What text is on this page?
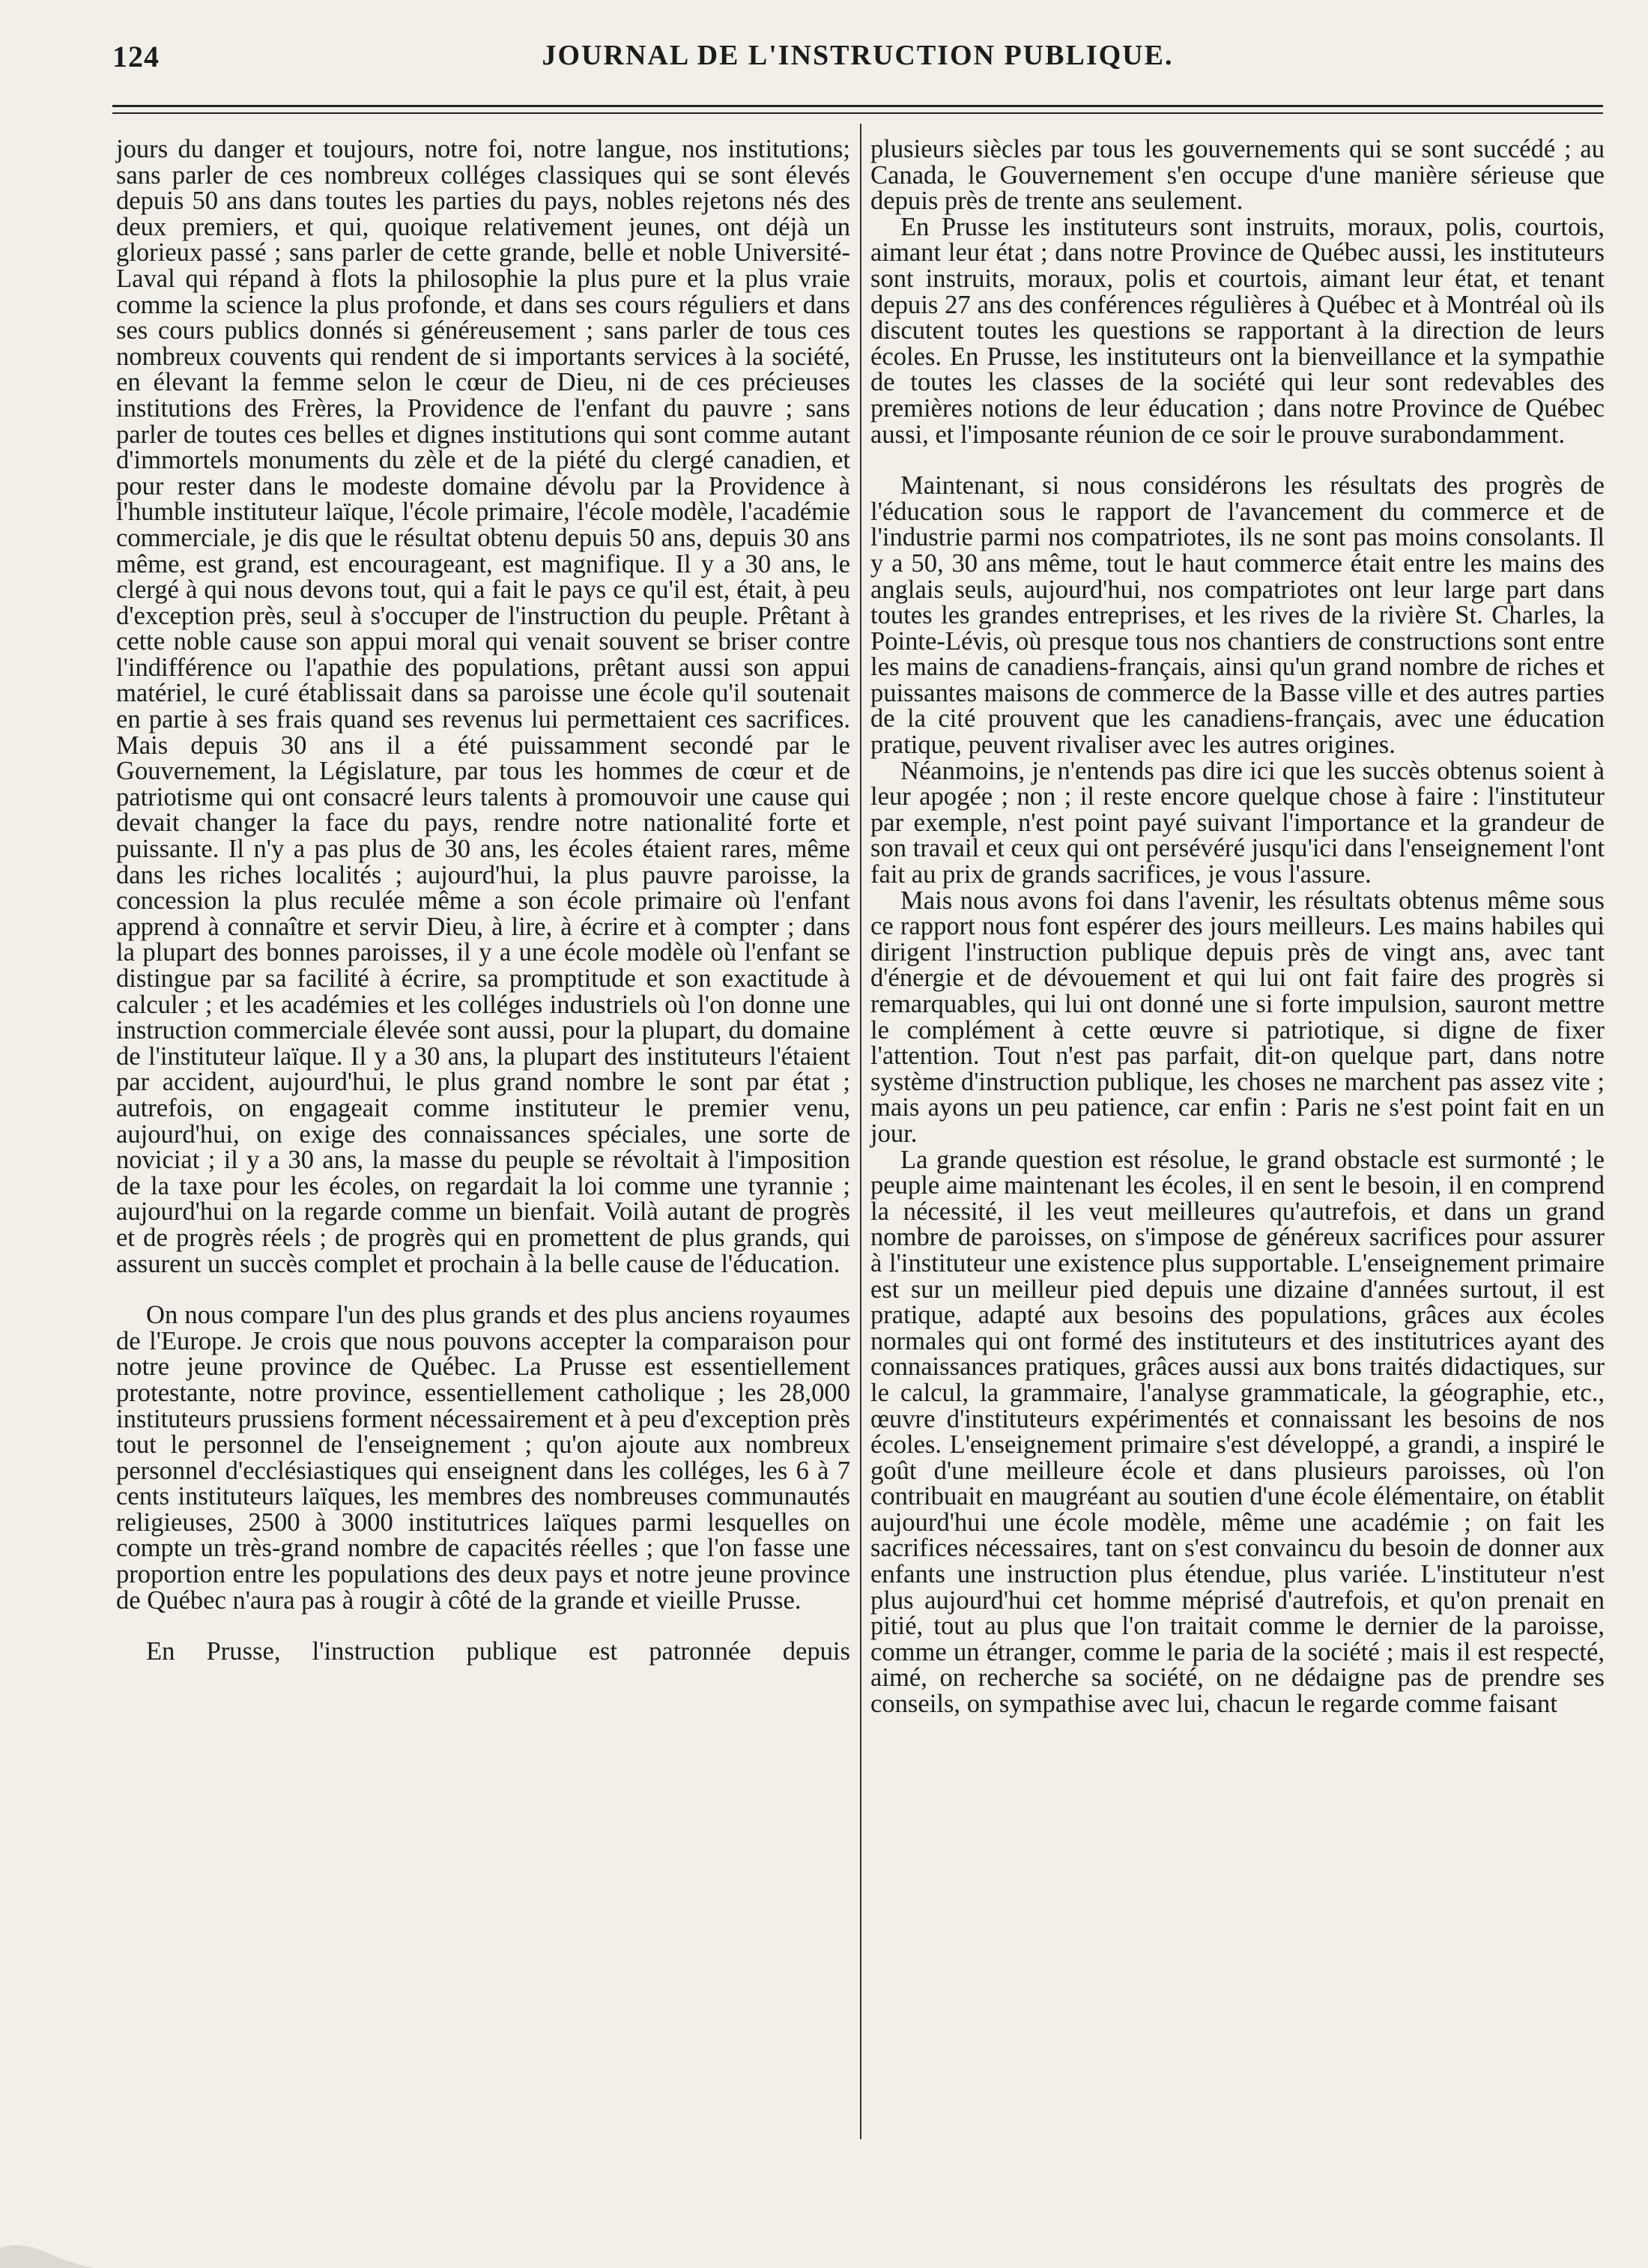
124	JOURNAL DE L'INSTRUCTION PUBLIQUE.

jours du danger et toujours, notre foi, notre langue, nos institutions; sans parler de ces nombreux colléges classiques qui se sont élevés depuis 50 ans dans toutes les parties du pays, nobles rejetons nés des deux premiers, et qui, quoique relativement jeunes, ont déjà un glorieux passé ; sans parler de cette grande, belle et noble Université-Laval qui répand à flots la philosophie la plus pure et la plus vraie comme la science la plus profonde, et dans ses cours réguliers et dans ses cours publics donnés si généreusement ; sans parler de tous ces nombreux couvents qui rendent de si importants services à la société, en élevant la femme selon le cœur de Dieu, ni de ces précieuses institutions des Frères, la Providence de l'enfant du pauvre ; sans parler de toutes ces belles et dignes institutions qui sont comme autant d'immortels monuments du zèle et de la piété du clergé canadien, et pour rester dans le modeste domaine dévolu par la Providence à l'humble instituteur laïque, l'école primaire, l'école modèle, l'académie commerciale, je dis que le résultat obtenu depuis 50 ans, depuis 30 ans même, est grand, est encourageant, est magnifique. Il y a 30 ans, le clergé à qui nous devons tout, qui a fait le pays ce qu'il est, était, à peu d'exception près, seul à s'occuper de l'instruction du peuple. Prêtant à cette noble cause son appui moral qui venait souvent se briser contre l'indifférence ou l'apathie des populations, prêtant aussi son appui matériel, le curé établissait dans sa paroisse une école qu'il soutenait en partie à ses frais quand ses revenus lui permettaient ces sacrifices. Mais depuis 30 ans il a été puissamment secondé par le Gouvernement, la Législature, par tous les hommes de cœur et de patriotisme qui ont consacré leurs talents à promouvoir une cause qui devait changer la face du pays, rendre notre nationalité forte et puissante. Il n'y a pas plus de 30 ans, les écoles étaient rares, même dans les riches localités ; aujourd'hui, la plus pauvre paroisse, la concession la plus reculée même a son école primaire où l'enfant apprend à connaître et servir Dieu, à lire, à écrire et à compter ; dans la plupart des bonnes paroisses, il y a une école modèle où l'enfant se distingue par sa facilité à écrire, sa promptitude et son exactitude à calculer ; et les académies et les colléges industriels où l'on donne une instruction commerciale élevée sont aussi, pour la plupart, du domaine de l'instituteur laïque. Il y a 30 ans, la plupart des instituteurs l'étaient par accident, aujourd'hui, le plus grand nombre le sont par état ; autrefois, on engageait comme instituteur le premier venu, aujourd'hui, on exige des connaissances spéciales, une sorte de noviciat ; il y a 30 ans, la masse du peuple se révoltait à l'imposition de la taxe pour les écoles, on regardait la loi comme une tyrannie ; aujourd'hui on la regarde comme un bienfait. Voilà autant de progrès et de progrès réels ; de progrès qui en promettent de plus grands, qui assurent un succès complet et prochain à la belle cause de l'éducation.

On nous compare l'un des plus grands et des plus anciens royaumes de l'Europe. Je crois que nous pouvons accepter la comparaison pour notre jeune province de Québec. La Prusse est essentiellement protestante, notre province, essentiellement catholique ; les 28,000 instituteurs prussiens forment nécessairement et à peu d'exception près tout le personnel de l'enseignement ; qu'on ajoute aux nombreux personnel d'ecclésiastiques qui enseignent dans les colléges, les 6 à 7 cents instituteurs laïques, les membres des nombreuses communautés religieuses, 2500 à 3000 institutrices laïques parmi lesquelles on compte un très-grand nombre de capacités réelles ; que l'on fasse une proportion entre les populations des deux pays et notre jeune province de Québec n'aura pas à rougir à côté de la grande et vieille Prusse.

En Prusse, l'instruction publique est patronnée depuis

plusieurs siècles par tous les gouvernements qui se sont succédé ; au Canada, le Gouvernement s'en occupe d'une manière sérieuse que depuis près de trente ans seulement.

En Prusse les instituteurs sont instruits, moraux, polis, courtois, aimant leur état ; dans notre Province de Québec aussi, les instituteurs sont instruits, moraux, polis et courtois, aimant leur état, et tenant depuis 27 ans des conférences régulières à Québec et à Montréal où ils discutent toutes les questions se rapportant à la direction de leurs écoles. En Prusse, les instituteurs ont la bienveillance et la sympathie de toutes les classes de la société qui leur sont redevables des premières notions de leur éducation ; dans notre Province de Québec aussi, et l'imposante réunion de ce soir le prouve surabondamment.

Maintenant, si nous considérons les résultats des progrès de l'éducation sous le rapport de l'avancement du commerce et de l'industrie parmi nos compatriotes, ils ne sont pas moins consolants. Il y a 50, 30 ans même, tout le haut commerce était entre les mains des anglais seuls, aujourd'hui, nos compatriotes ont leur large part dans toutes les grandes entreprises, et les rives de la rivière St. Charles, la Pointe-Lévis, où presque tous nos chantiers de constructions sont entre les mains de canadiens-français, ainsi qu'un grand nombre de riches et puissantes maisons de commerce de la Basse ville et des autres parties de la cité prouvent que les canadiens-français, avec une éducation pratique, peuvent rivaliser avec les autres origines.

Néanmoins, je n'entends pas dire ici que les succès obtenus soient à leur apogée ; non ; il reste encore quelque chose à faire : l'instituteur par exemple, n'est point payé suivant l'importance et la grandeur de son travail et ceux qui ont persévéré jusqu'ici dans l'enseignement l'ont fait au prix de grands sacrifices, je vous l'assure.

Mais nous avons foi dans l'avenir, les résultats obtenus même sous ce rapport nous font espérer des jours meilleurs. Les mains habiles qui dirigent l'instruction publique depuis près de vingt ans, avec tant d'énergie et de dévouement et qui lui ont fait faire des progrès si remarquables, qui lui ont donné une si forte impulsion, sauront mettre le complément à cette œuvre si patriotique, si digne de fixer l'attention. Tout n'est pas parfait, dit-on quelque part, dans notre système d'instruction publique, les choses ne marchent pas assez vite ; mais ayons un peu patience, car enfin : Paris ne s'est point fait en un jour.

La grande question est résolue, le grand obstacle est surmonté ; le peuple aime maintenant les écoles, il en sent le besoin, il en comprend la nécessité, il les veut meilleures qu'autrefois, et dans un grand nombre de paroisses, on s'impose de généreux sacrifices pour assurer à l'instituteur une existence plus supportable. L'enseignement primaire est sur un meilleur pied depuis une dizaine d'années surtout, il est pratique, adapté aux besoins des populations, grâces aux écoles normales qui ont formé des instituteurs et des institutrices ayant des connaissances pratiques, grâces aussi aux bons traités didactiques, sur le calcul, la grammaire, l'analyse grammaticale, la géographie, etc., œuvre d'instituteurs expérimentés et connaissant les besoins de nos écoles. L'enseignement primaire s'est développé, a grandi, a inspiré le goût d'une meilleure école et dans plusieurs paroisses, où l'on contribuait en maugréant au soutien d'une école élémentaire, on établit aujourd'hui une école modèle, même une académie ; on fait les sacrifices nécessaires, tant on s'est convaincu du besoin de donner aux enfants une instruction plus étendue, plus variée. L'instituteur n'est plus aujourd'hui cet homme méprisé d'autrefois, et qu'on prenait en pitié, tout au plus que l'on traitait comme le dernier de la paroisse, comme un étranger, comme le paria de la société ; mais il est respecté, aimé, on recherche sa société, on ne dédaigne pas de prendre ses conseils, on sympathise avec lui, chacun le regarde comme faisant
